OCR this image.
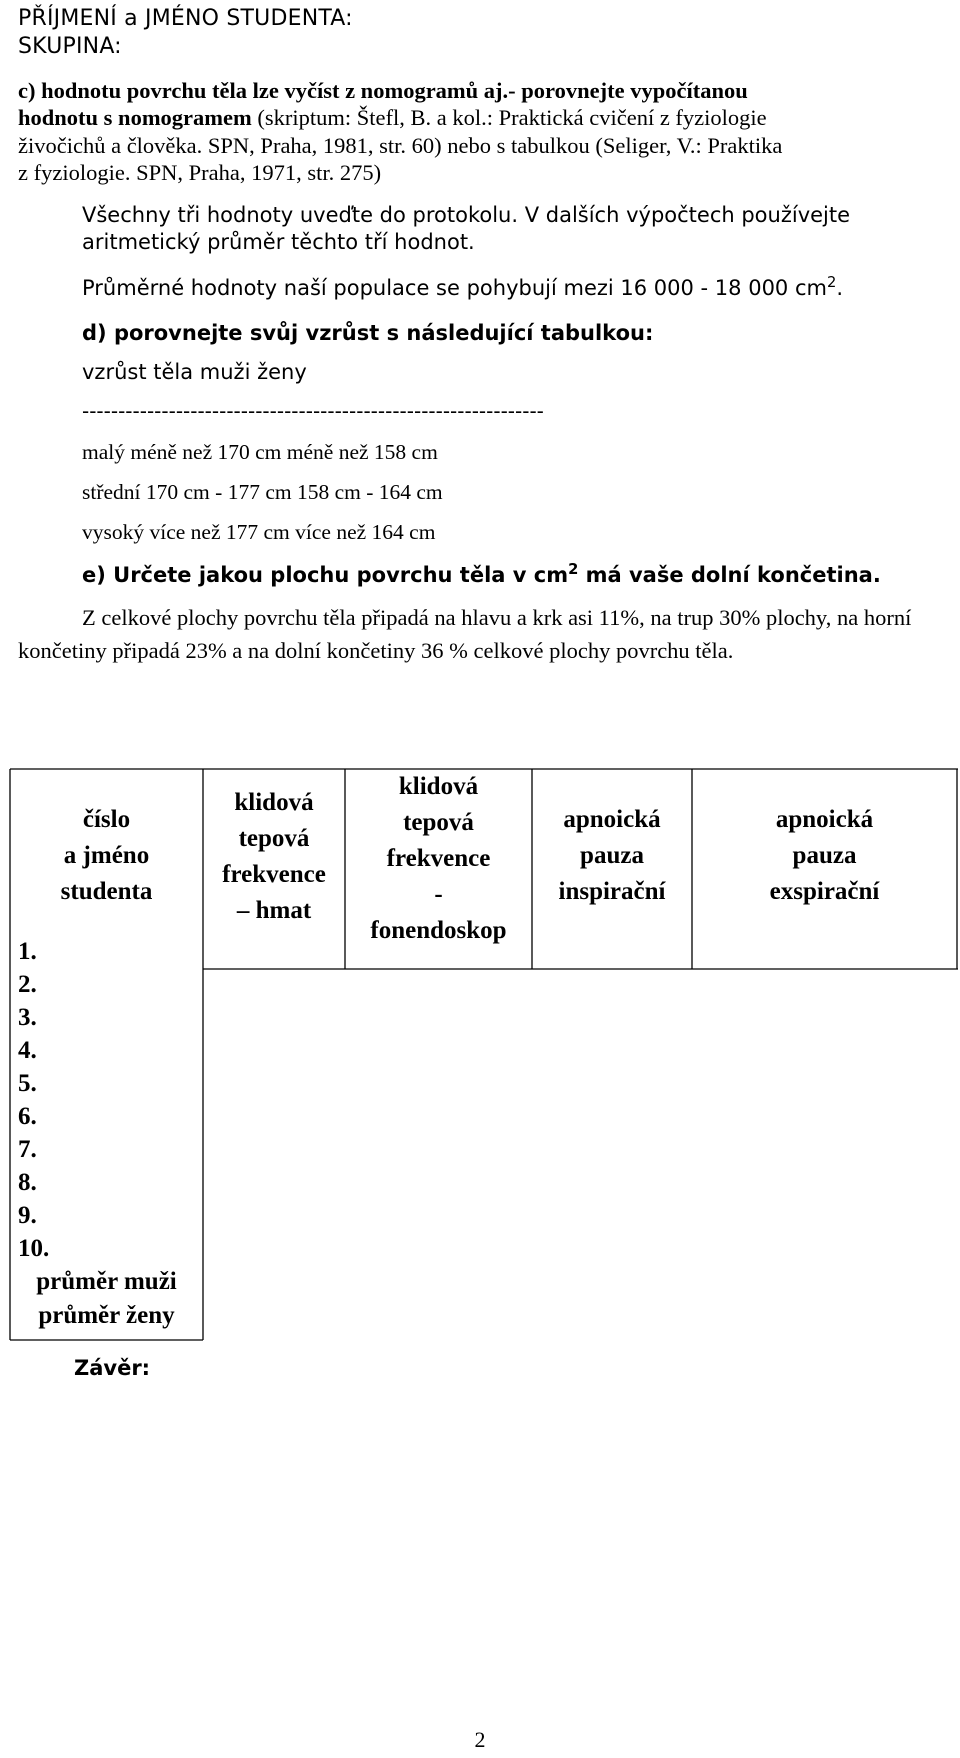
PŘÍJMENÍ a JMÉNO STUDENTA:
SKUPINA:
c) hodnotu povrchu těla lze vyčíst z nomogramů aj.- porovnejte vypočítanou
hodnotu s nomogramem (skriptum: Štefl, B. a kol.: Praktická cvičení z fyziologie
živočichů a člověka. SPN, Praha, 1981, str. 60) nebo s tabulkou (Seliger, V.: Praktika
z fyziologie. SPN, Praha, 1971, str. 275)
Všechny tři hodnoty uveďte do protokolu. V dalších výpočtech používejte
aritmetický průměr těchto tří hodnot.
Průměrné hodnoty naší populace se pohybují mezi 16 000 - 18 000 $cm^2$.
d) porovnejte svůj vzrůst s následující tabulkou:
vzrůst těla muži ženy
----------------------------------------------------------------
malý méně než 170 cm méně než 158 cm
střední 170 cm - 177 cm 158 cm - 164 cm
vysoký více než 177 cm více než 164 cm
e) Určete jakou plochu povrchu těla v $cm^2$ má vaše dolní končetina.
Z celkové plochy povrchu těla připadá na hlavu a krk asi 11%, na trup 30% plochy, na horní končetiny připadá 23% a na dolní končetiny 36 % celkové plochy povrchu těla.
číslo
a jméno
studenta
klidová
tepová
frekvence
– hmat
klidová
tepová
frekvence
-
fonendoskop
apnoická
pauza
inspirační
apnoická
pauza
exspirační
1.
2.
3.
4.
5.
6.
7.
8.
9.
10.
průměr muži
průměr ženy
Závěr:
2
